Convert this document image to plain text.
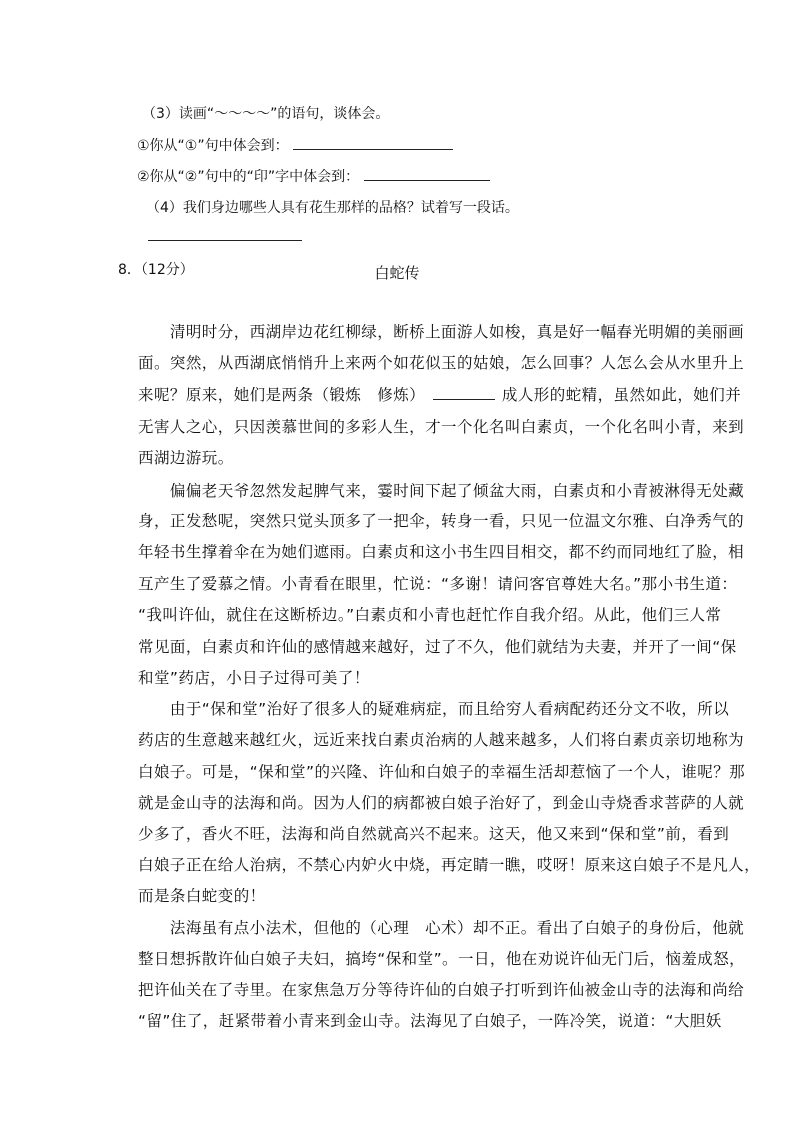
（3）读画“～～～～”的语句，谈体会。
①你从“①”句中体会到：
②你从“②”句中的“印”字中体会到：
（4）我们身边哪些人具有花生那样的品格？试着写一段话。
8．（12分）	白蛇传
　　清明时分，西湖岸边花红柳绿，断桥上面游人如梭，真是好一幅春光明媚的美丽画
面。突然，从西湖底悄悄升上来两个如花似玉的姑娘，怎么回事？人怎么会从水里升上
来呢？原来，她们是两条（锻炼　修炼）	成人形的蛇精，虽然如此，她们并
无害人之心，只因羡慕世间的多彩人生，才一个化名叫白素贞，一个化名叫小青，来到
西湖边游玩。
　　偏偏老天爷忽然发起脾气来，霎时间下起了倾盆大雨，白素贞和小青被淋得无处藏
身，正发愁呢，突然只觉头顶多了一把伞，转身一看，只见一位温文尔雅、白净秀气的
年轻书生撑着伞在为她们遮雨。白素贞和这小书生四目相交，都不约而同地红了脸，相
互产生了爱慕之情。小青看在眼里，忙说：“多谢！请问客官尊姓大名。”那小书生道：
“我叫许仙，就住在这断桥边。”白素贞和小青也赶忙作自我介绍。从此，他们三人常
常见面，白素贞和许仙的感情越来越好，过了不久，他们就结为夫妻，并开了一间“保
和堂”药店，小日子过得可美了！
　　由于“保和堂”治好了很多人的疑难病症，而且给穷人看病配药还分文不收，所以
药店的生意越来越红火，远近来找白素贞治病的人越来越多，人们将白素贞亲切地称为
白娘子。可是，“保和堂”的兴隆、许仙和白娘子的幸福生活却惹恼了一个人，谁呢？那
就是金山寺的法海和尚。因为人们的病都被白娘子治好了，到金山寺烧香求菩萨的人就
少多了，香火不旺，法海和尚自然就高兴不起来。这天，他又来到“保和堂”前，看到
白娘子正在给人治病，不禁心内妒火中烧，再定睛一瞧，哎呀！原来这白娘子不是凡人，
而是条白蛇变的！
　　法海虽有点小法术，但他的（心理　心术）却不正。看出了白娘子的身份后，他就
整日想拆散许仙白娘子夫妇，搞垮“保和堂”。一日，他在劝说许仙无门后，恼羞成怒，
把许仙关在了寺里。在家焦急万分等待许仙的白娘子打听到许仙被金山寺的法海和尚给
“留”住了，赶紧带着小青来到金山寺。法海见了白娘子，一阵冷笑，说道：“大胆妖
